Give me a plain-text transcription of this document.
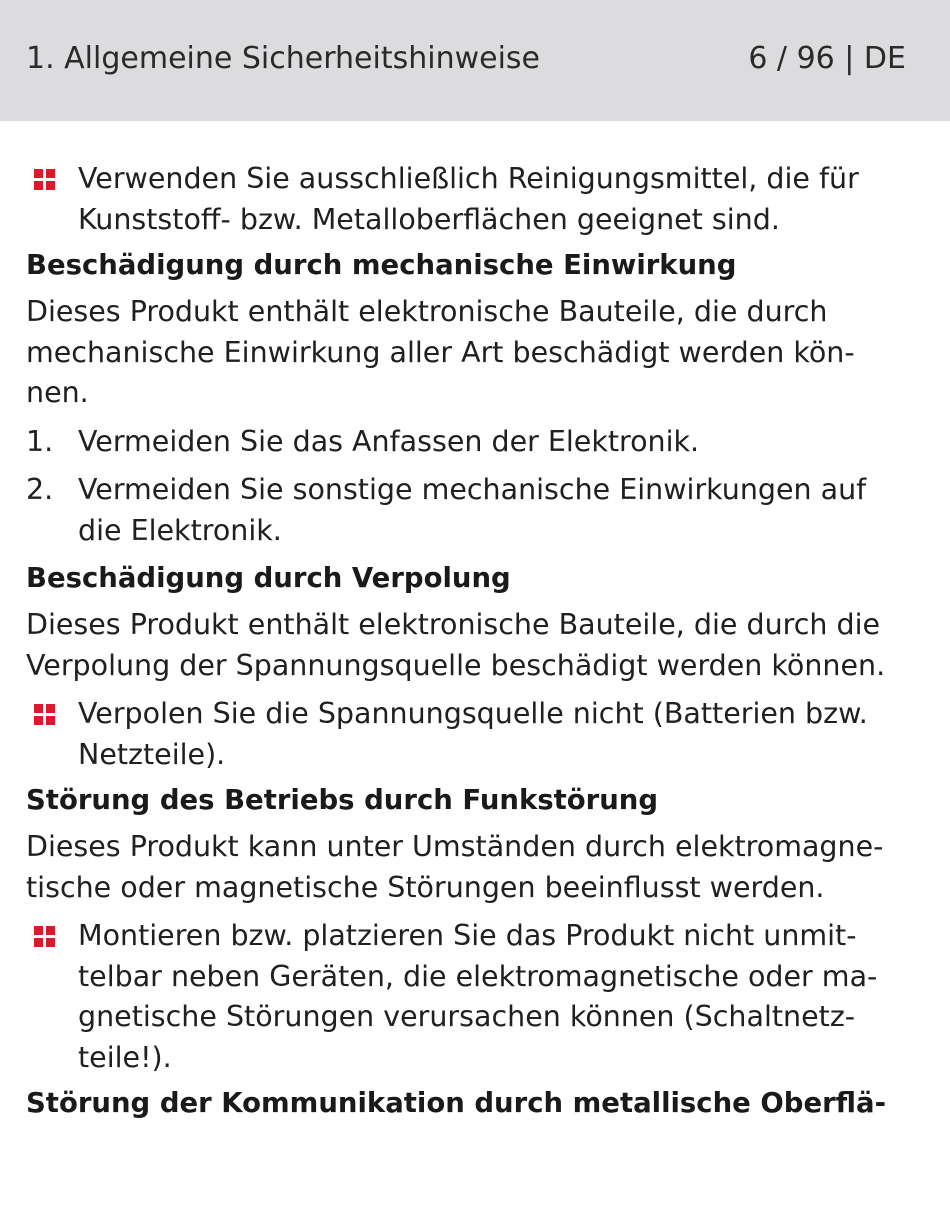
1. Allgemeine Sicherheitshinweise	6 / 96 | DE
Verwenden Sie ausschließlich Reinigungsmittel, die für Kunststoff- bzw. Metalloberflächen geeignet sind.
Beschädigung durch mechanische Einwirkung
Dieses Produkt enthält elektronische Bauteile, die durch mechanische Einwirkung aller Art beschädigt werden kön-nen.
1. Vermeiden Sie das Anfassen der Elektronik.
2. Vermeiden Sie sonstige mechanische Einwirkungen auf die Elektronik.
Beschädigung durch Verpolung
Dieses Produkt enthält elektronische Bauteile, die durch die Verpolung der Spannungsquelle beschädigt werden können.
Verpolen Sie die Spannungsquelle nicht (Batterien bzw. Netzteile).
Störung des Betriebs durch Funkstörung
Dieses Produkt kann unter Umständen durch elektromagne-tische oder magnetische Störungen beeinflusst werden.
Montieren bzw. platzieren Sie das Produkt nicht unmit-telbar neben Geräten, die elektromagnetische oder ma-gnetische Störungen verursachen können (Schaltnetz-teile!).
Störung der Kommunikation durch metallische Oberflä-
